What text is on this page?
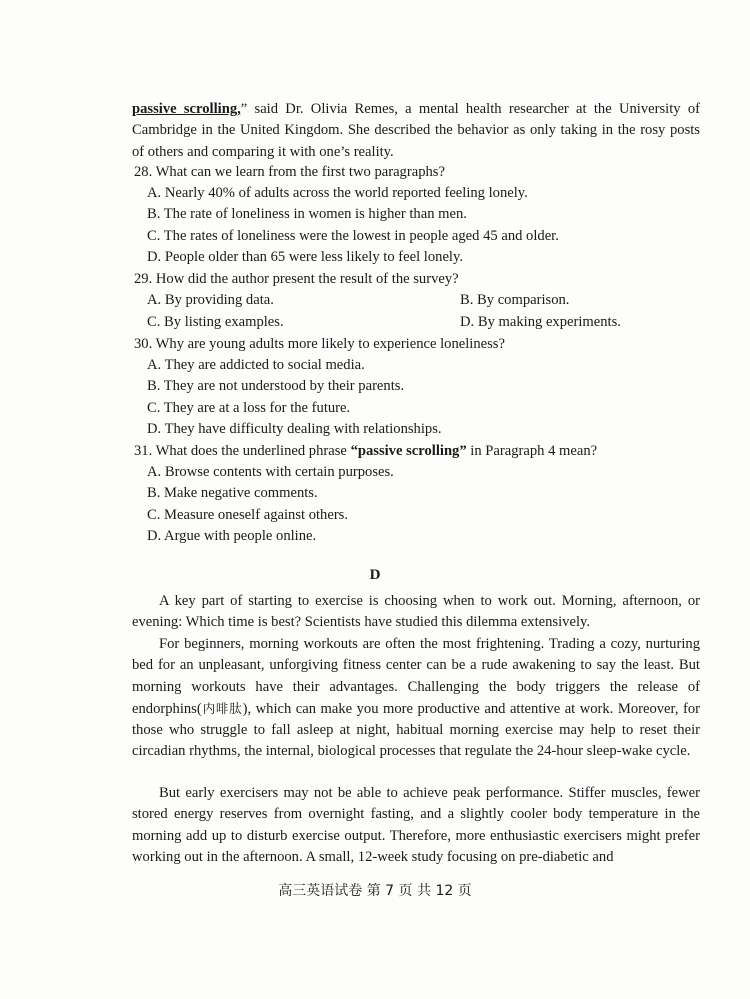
passive scrolling,” said Dr. Olivia Remes, a mental health researcher at the University of Cambridge in the United Kingdom. She described the behavior as only taking in the rosy posts of others and comparing it with one’s reality.

28. What can we learn from the first two paragraphs?

A. Nearly 40% of adults across the world reported feeling lonely.

B. The rate of loneliness in women is higher than men.

C. The rates of loneliness were the lowest in people aged 45 and older.

D. People older than 65 were less likely to feel lonely.

29. How did the author present the result of the survey?

A. By providing data.	B. By comparison.

C. By listing examples.	D. By making experiments.

30. Why are young adults more likely to experience loneliness?

A. They are addicted to social media.

B. They are not understood by their parents.

C. They are at a loss for the future.

D. They have difficulty dealing with relationships.

31. What does the underlined phrase “passive scrolling” in Paragraph 4 mean?

A. Browse contents with certain purposes.

B. Make negative comments.

C. Measure oneself against others.

D. Argue with people online.

D

A key part of starting to exercise is choosing when to work out. Morning, afternoon, or evening: Which time is best? Scientists have studied this dilemma extensively.

For beginners, morning workouts are often the most frightening. Trading a cozy, nurturing bed for an unpleasant, unforgiving fitness center can be a rude awakening to say the least. But morning workouts have their advantages. Challenging the body triggers the release of endorphins(内啡肽), which can make you more productive and attentive at work. Moreover, for those who struggle to fall asleep at night, habitual morning exercise may help to reset their circadian rhythms, the internal, biological processes that regulate the 24-hour sleep-wake cycle.

But early exercisers may not be able to achieve peak performance. Stiffer muscles, fewer stored energy reserves from overnight fasting, and a slightly cooler body temperature in the morning add up to disturb exercise output. Therefore, more enthusiastic exercisers might prefer working out in the afternoon. A small, 12-week study focusing on pre-diabetic and

高三英语试卷 第 7 页 共 12 页
